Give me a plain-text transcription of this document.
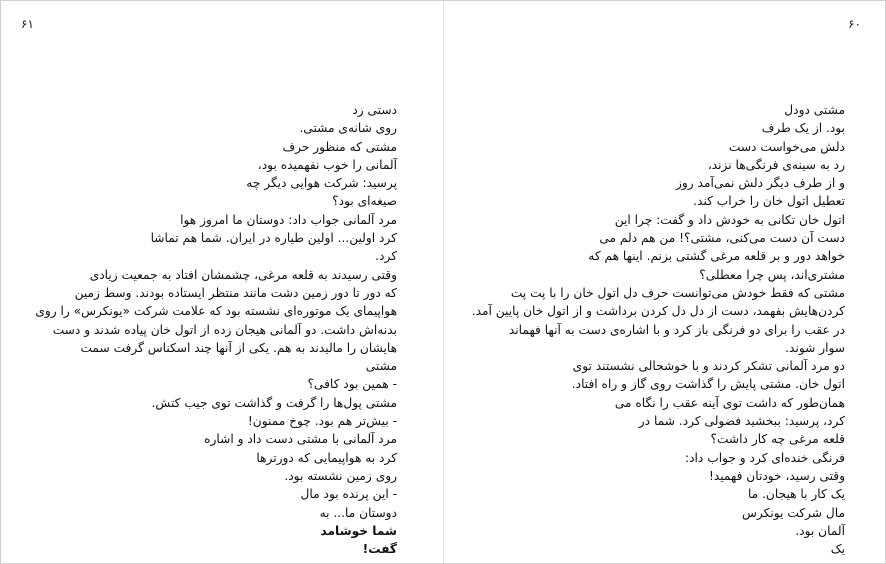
۶۱	۶۰
دستی زد
روی شانه‌ی مشتی.
مشتی که منظور حرف
آلمانی را خوب نفهمیده بود،
پرسید: شرکت هوایی دیگر چه
صیغه‌ای بود؟
مرد آلمانی جواب داد: دوستان ما امروز هوا
کرد اولین... اولین طیاره در ایران. شما هم تماشا
کرد.
وقتی رسیدند به قلعه مرغی، چشمشان افتاد به جمعیت زیادی
که دور تا دور زمین دشت مانند منتظر ایستاده بودند. وسط زمین
هواپیمای یک موتوره‌ای نشسته بود که علامت شرکت «یونکرس» را روی
بدنه‌اش داشت. دو آلمانی هیجان زده از اتول خان پیاده شدند و دست
هایشان را مالیدند به هم. یکی از آنها چند اسکناس گرفت سمت
مشتی
- همین بود کافی؟
مشتی پول‌ها را گرفت و گذاشت توی جیب کتش.
- بیش‌تر هم بود. چوخ ممنون!
مرد آلمانی با مشتی دست داد و اشاره
کرد به هواپیمایی که دورترها
روی زمین نشسته بود.
- این پرنده بود مال
دوستان ما... به
شما خوشامد
گفت!
مشتی دودل
بود. از یک طرف
دلش می‌خواست دست
رد به سینه‌ی فرنگی‌ها نزند،
و از طرف دیگر دلش نمی‌آمد روز
تعطیل اتول خان را خراب کند.
اتول خان تکانی به خودش داد و گفت: چرا این
دست آن دست می‌کنی، مشتی؟! من هم دلم می
خواهد دور و بر قلعه مرغی گشتی بزنم. اینها هم که
مشتری‌اند، پس چرا معطلی؟
مشتی که فقط خودش می‌توانست حرف دل اتول خان را با پت پت
کردن‌هایش بفهمد، دست از دل دل کردن برداشت و از اتول خان پایین آمد.
در عقب را برای دو فرنگی باز کرد و با اشاره‌ی دست به آنها فهماند
سوار شوند.
دو مرد آلمانی تشکر کردند و با خوشحالی نشستند توی
اتول خان. مشتی پایش را گذاشت روی گاز و راه افتاد.
همان‌طور که داشت توی آینه عقب را نگاه می
کرد، پرسید: ببخشید فضولی کرد. شما در
قلعه مرغی چه کار داشت؟
فرنگی خنده‌ای کرد و جواب داد:
وقتی رسید، خودتان فهمید!
یک کار با هیجان. ما
مال شرکت یونکرس
آلمان بود.
یک
